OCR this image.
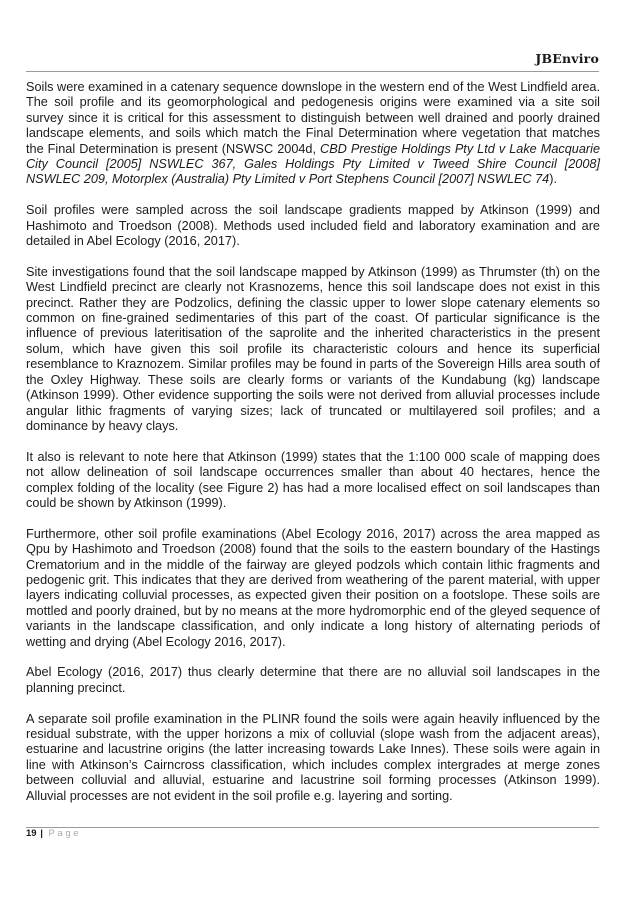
JBEnviro

Soils were examined in a catenary sequence downslope in the western end of the West Lindfield area. The soil profile and its geomorphological and pedogenesis origins were examined via a site soil survey since it is critical for this assessment to distinguish between well drained and poorly drained landscape elements, and soils which match the Final Determination where vegetation that matches the Final Determination is present (NSWSC 2004d, CBD Prestige Holdings Pty Ltd v Lake Macquarie City Council [2005] NSWLEC 367, Gales Holdings Pty Limited v Tweed Shire Council [2008] NSWLEC 209, Motorplex (Australia) Pty Limited v Port Stephens Council [2007] NSWLEC 74).

Soil profiles were sampled across the soil landscape gradients mapped by Atkinson (1999) and Hashimoto and Troedson (2008). Methods used included field and laboratory examination and are detailed in Abel Ecology (2016, 2017).

Site investigations found that the soil landscape mapped by Atkinson (1999) as Thrumster (th) on the West Lindfield precinct are clearly not Krasnozems, hence this soil landscape does not exist in this precinct. Rather they are Podzolics, defining the classic upper to lower slope catenary elements so common on fine-grained sedimentaries of this part of the coast. Of particular significance is the influence of previous lateritisation of the saprolite and the inherited characteristics in the present solum, which have given this soil profile its characteristic colours and hence its superficial resemblance to Kraznozem. Similar profiles may be found in parts of the Sovereign Hills area south of the Oxley Highway. These soils are clearly forms or variants of the Kundabung (kg) landscape (Atkinson 1999). Other evidence supporting the soils were not derived from alluvial processes include angular lithic fragments of varying sizes; lack of truncated or multilayered soil profiles; and a dominance by heavy clays.

It also is relevant to note here that Atkinson (1999) states that the 1:100 000 scale of mapping does not allow delineation of soil landscape occurrences smaller than about 40 hectares, hence the complex folding of the locality (see Figure 2) has had a more localised effect on soil landscapes than could be shown by Atkinson (1999).

Furthermore, other soil profile examinations (Abel Ecology 2016, 2017) across the area mapped as Qpu by Hashimoto and Troedson (2008) found that the soils to the eastern boundary of the Hastings Crematorium and in the middle of the fairway are gleyed podzols which contain lithic fragments and pedogenic grit. This indicates that they are derived from weathering of the parent material, with upper layers indicating colluvial processes, as expected given their position on a footslope. These soils are mottled and poorly drained, but by no means at the more hydromorphic end of the gleyed sequence of variants in the landscape classification, and only indicate a long history of alternating periods of wetting and drying (Abel Ecology 2016, 2017).

Abel Ecology (2016, 2017) thus clearly determine that there are no alluvial soil landscapes in the planning precinct.

A separate soil profile examination in the PLINR found the soils were again heavily influenced by the residual substrate, with the upper horizons a mix of colluvial (slope wash from the adjacent areas), estuarine and lacustrine origins (the latter increasing towards Lake Innes). These soils were again in line with Atkinson’s Cairncross classification, which includes complex intergrades at merge zones between colluvial and alluvial, estuarine and lacustrine soil forming processes (Atkinson 1999). Alluvial processes are not evident in the soil profile e.g. layering and sorting.

19 | Page
